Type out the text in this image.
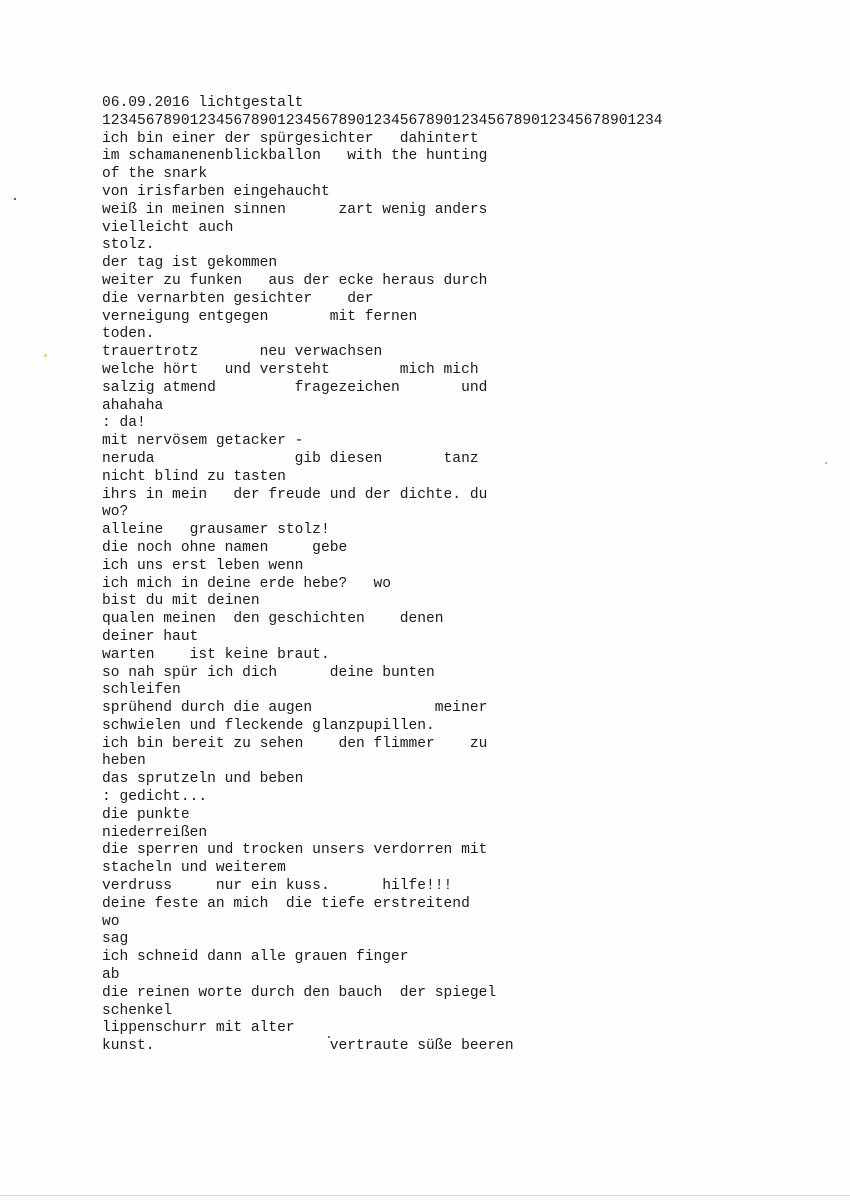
06.09.2016 lichtgestalt
1234567890123456789012345678901234567890123456789012345678901234
ich bin einer der spürgesichter   dahintert
im schamanenenblickballon   with the hunting
of the snark
von irisfarben eingehaucht
weiß in meinen sinnen      zart wenig anders
vielleicht auch
stolz.
der tag ist gekommen
weiter zu funken   aus der ecke heraus durch
die vernarbten gesichter    der
verneigung entgegen       mit fernen
toden.
trauertrotz       neu verwachsen
welche hört   und versteht        mich mich
salzig atmend         fragezeichen       und
ahahaha
: da!
mit nervösem getacker -
neruda                gib diesen       tanz
nicht blind zu tasten
ihrs in mein   der freude und der dichte. du
wo?
alleine   grausamer stolz!
die noch ohne namen     gebe
ich uns erst leben wenn
ich mich in deine erde hebe?   wo
bist du mit deinen
qualen meinen  den geschichten    denen
deiner haut
warten    ist keine braut.
so nah spür ich dich      deine bunten
schleifen
sprühend durch die augen              meiner
schwielen und fleckende glanzpupillen.
ich bin bereit zu sehen    den flimmer    zu
heben
das sprutzeln und beben
: gedicht...
die punkte
niederreißen
die sperren und trocken unsers verdorren mit
stacheln und weiterem
verdruss     nur ein kuss.      hilfe!!!
deine feste an mich  die tiefe erstreitend
wo
sag
ich schneid dann alle grauen finger
ab
die reinen worte durch den bauch  der spiegel
schenkel
lippenschurr mit alter
kunst.                    vertraute süße beeren
